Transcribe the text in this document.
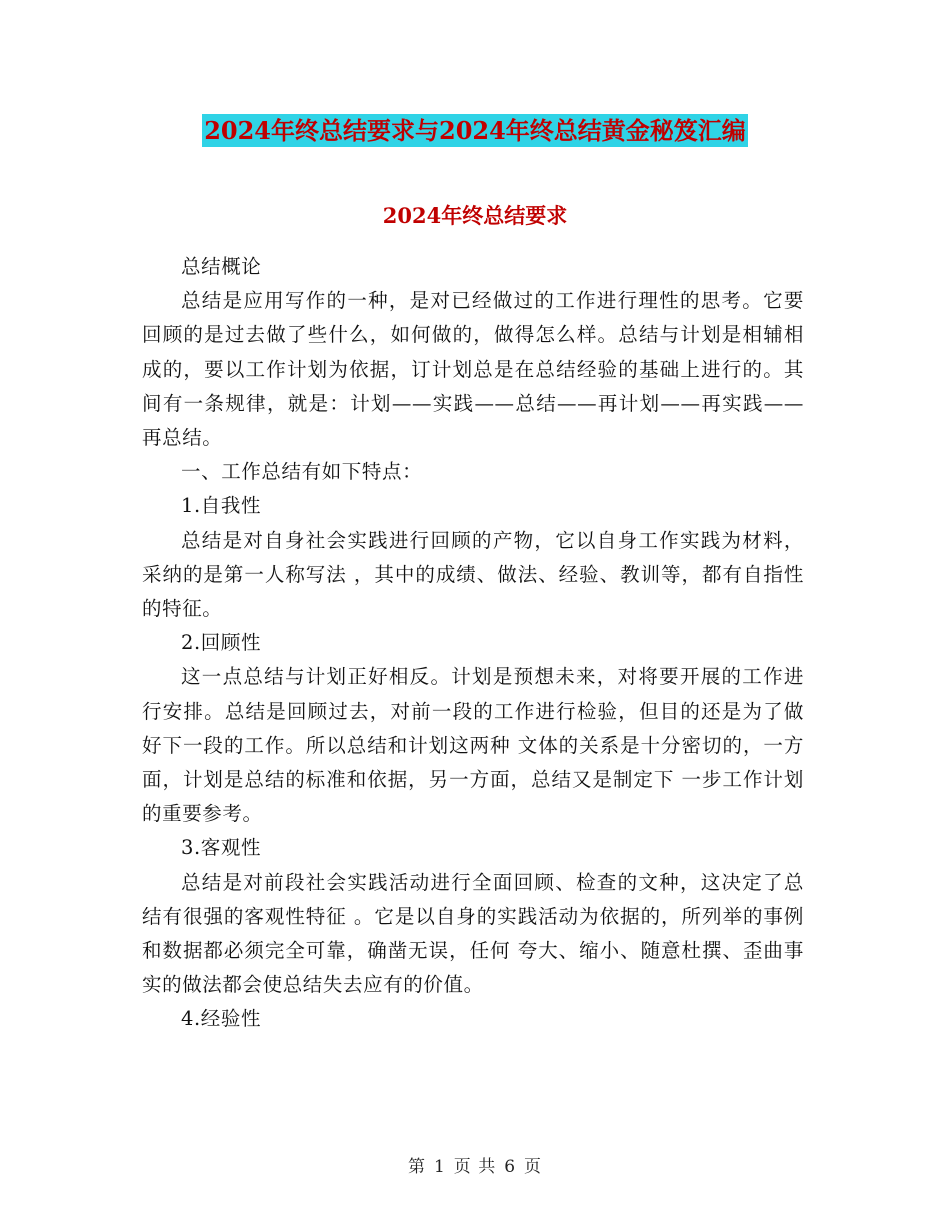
2024年终总结要求与2024年终总结黄金秘笈汇编
2024年终总结要求

总结概论

总结是应用写作的一种，是对已经做过的工作进行理性的思考。它要回顾的是过去做了些什么，如何做的，做得怎么样。总结与计划是相辅相成的，要以工作计划为依据，订计划总是在总结经验的基础上进行的。其间有一条规律，就是：计划——实践——总结——再计划——再实践——再总结。

一、工作总结有如下特点：

1.自我性

总结是对自身社会实践进行回顾的产物，它以自身工作实践为材料，采纳的是第一人称写法 ，其中的成绩、做法、经验、教训等，都有自指性的特征。

2.回顾性

这一点总结与计划正好相反。计划是预想未来，对将要开展的工作进行安排。总结是回顾过去，对前一段的工作进行检验，但目的还是为了做好下一段的工作。所以总结和计划这两种 文体的关系是十分密切的，一方面，计划是总结的标准和依据，另一方面，总结又是制定下 一步工作计划的重要参考。

3.客观性

总结是对前段社会实践活动进行全面回顾、检查的文种，这决定了总结有很强的客观性特征 。它是以自身的实践活动为依据的，所列举的事例和数据都必须完全可靠，确凿无误，任何 夸大、缩小、随意杜撰、歪曲事实的做法都会使总结失去应有的价值。

4.经验性

第 1 页 共 6 页
